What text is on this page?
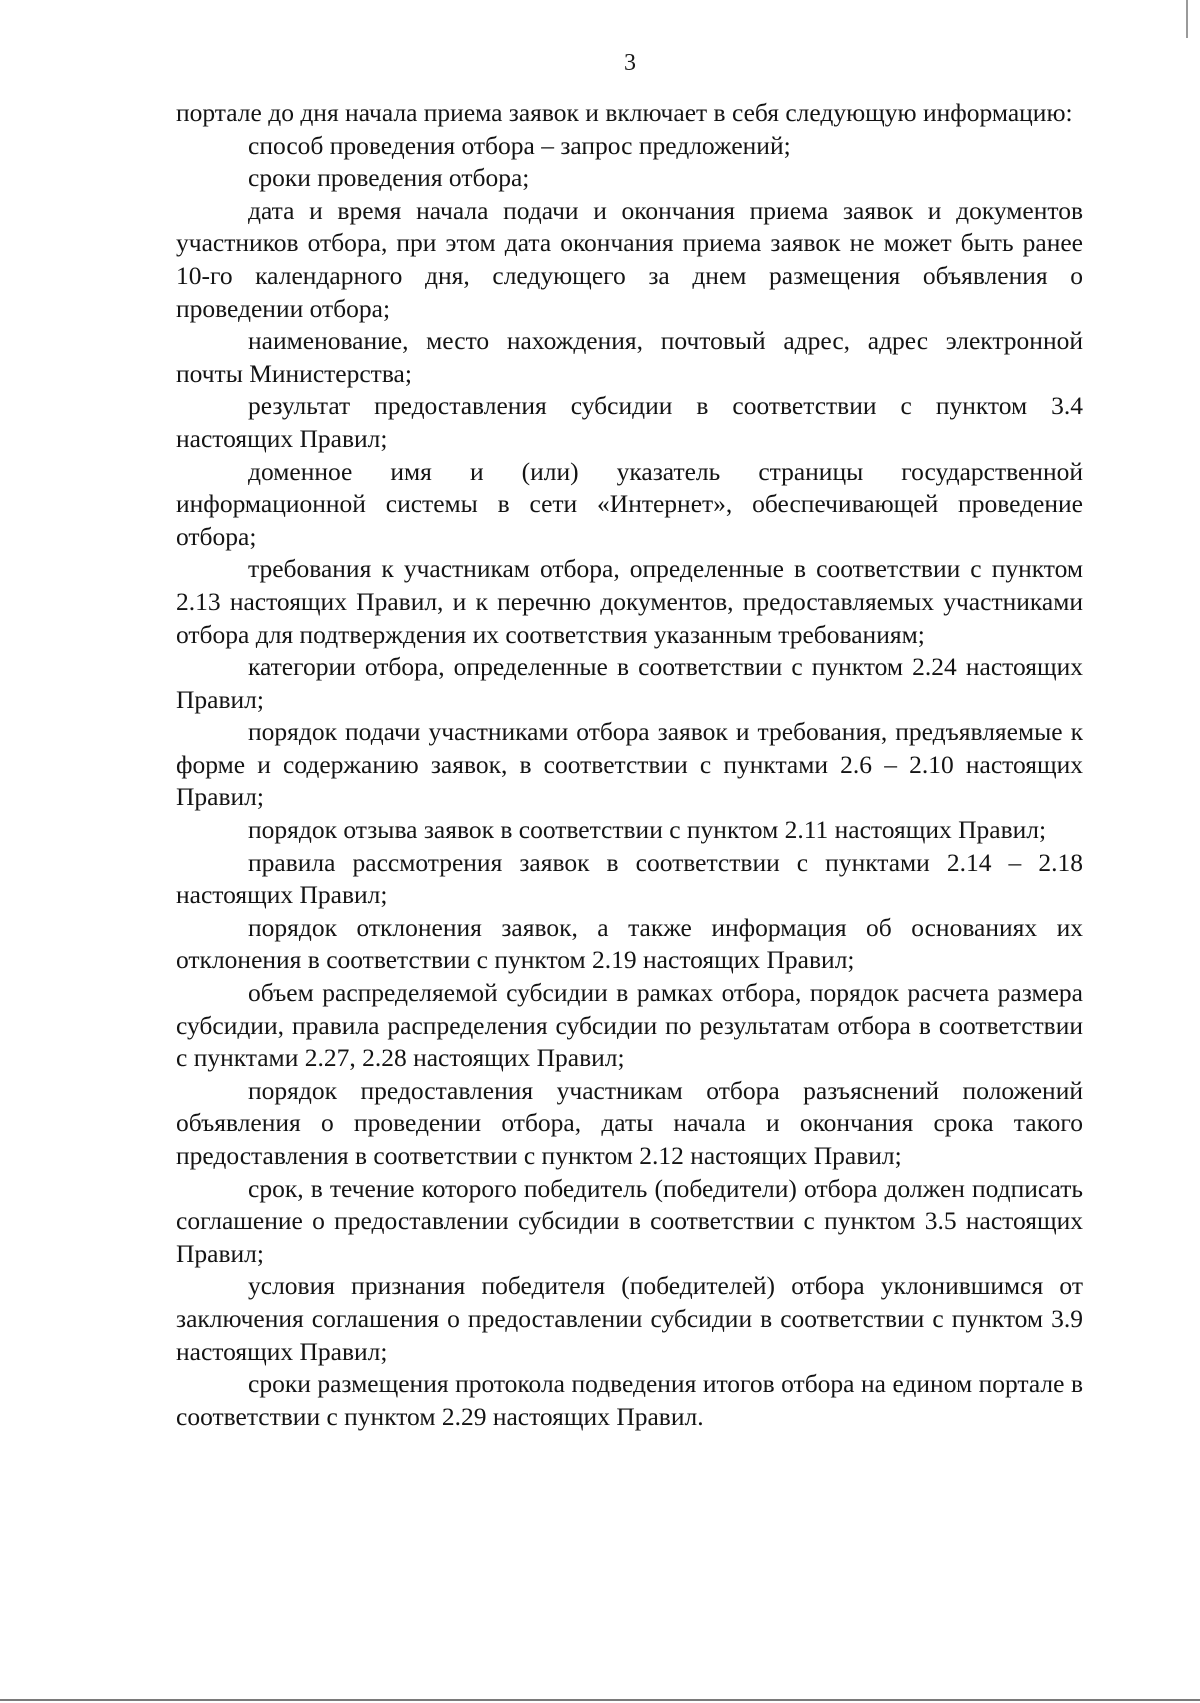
3

портале до дня начала приема заявок и включает в себя следующую информацию:

способ проведения отбора – запрос предложений;

сроки проведения отбора;

дата и время начала подачи и окончания приема заявок и документов участников отбора, при этом дата окончания приема заявок не может быть ранее 10-го календарного дня, следующего за днем размещения объявления о проведении отбора;

наименование, место нахождения, почтовый адрес, адрес электронной почты Министерства;

результат предоставления субсидии в соответствии с пунктом 3.4 настоящих Правил;

доменное имя и (или) указатель страницы государственной информационной системы в сети «Интернет», обеспечивающей проведение отбора;

требования к участникам отбора, определенные в соответствии с пунктом 2.13 настоящих Правил, и к перечню документов, предоставляемых участниками отбора для подтверждения их соответствия указанным требованиям;

категории отбора, определенные в соответствии с пунктом 2.24 настоящих Правил;

порядок подачи участниками отбора заявок и требования, предъявляемые к форме и содержанию заявок, в соответствии с пунктами 2.6 – 2.10 настоящих Правил;

порядок отзыва заявок в соответствии с пунктом 2.11 настоящих Правил;

правила рассмотрения заявок в соответствии с пунктами 2.14 – 2.18 настоящих Правил;

порядок отклонения заявок, а также информация об основаниях их отклонения в соответствии с пунктом 2.19 настоящих Правил;

объем распределяемой субсидии в рамках отбора, порядок расчета размера субсидии, правила распределения субсидии по результатам отбора в соответствии с пунктами 2.27, 2.28 настоящих Правил;

порядок предоставления участникам отбора разъяснений положений объявления о проведении отбора, даты начала и окончания срока такого предоставления в соответствии с пунктом 2.12 настоящих Правил;

срок, в течение которого победитель (победители) отбора должен подписать соглашение о предоставлении субсидии в соответствии с пунктом 3.5 настоящих Правил;

условия признания победителя (победителей) отбора уклонившимся от заключения соглашения о предоставлении субсидии в соответствии с пунктом 3.9 настоящих Правил;

сроки размещения протокола подведения итогов отбора на едином портале в соответствии с пунктом 2.29 настоящих Правил.
